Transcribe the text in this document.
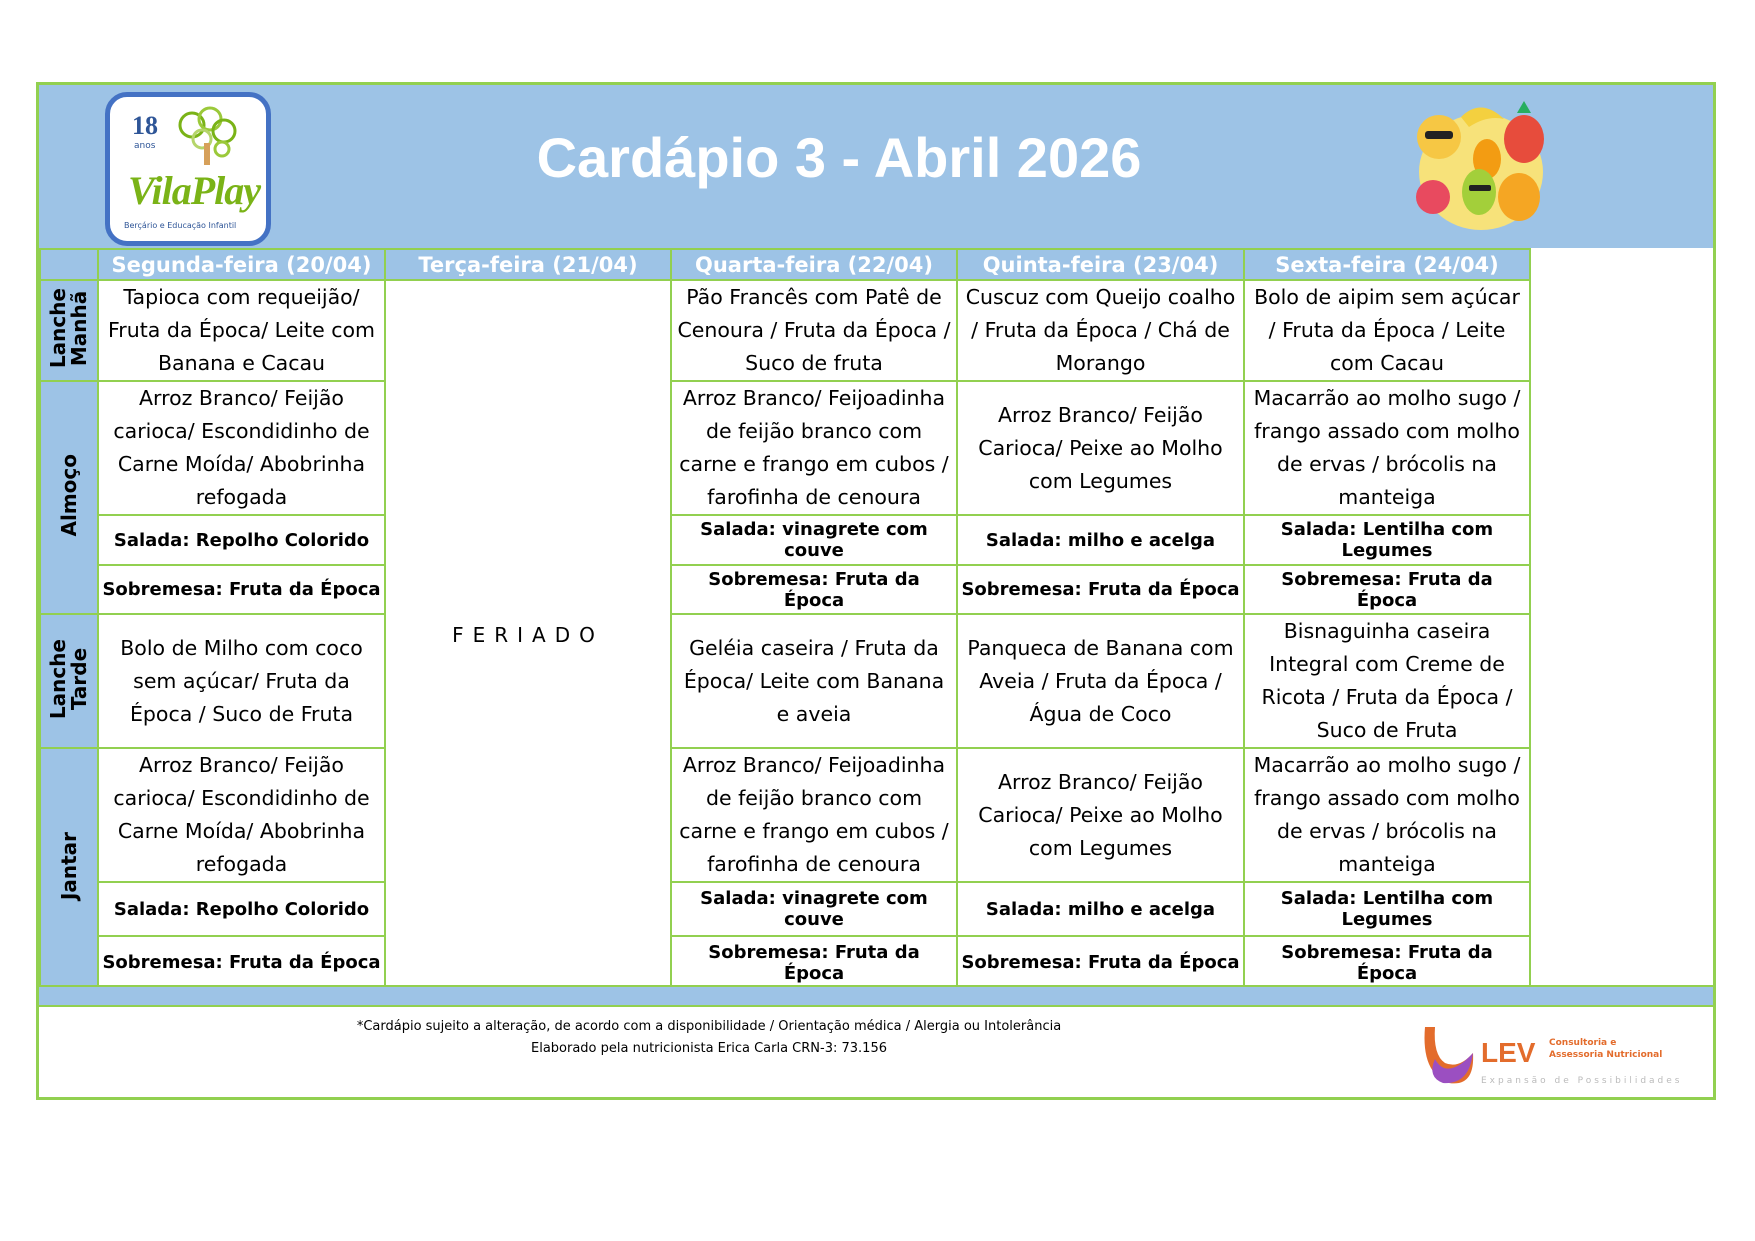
18
anos
VilaPlay
Berçário e Educação Infantil
Cardápio 3 - Abril 2026
	Segunda-feira (20/04)	Terça-feira (21/04)	Quarta-feira (22/04)	Quinta-feira (23/04)	Sexta-feira (24/04)
Lanche
Manhã	Tapioca com requeijão/ Fruta da Época/ Leite com Banana e Cacau	FERIADO	Pão Francês com Patê de Cenoura / Fruta da Época / Suco de fruta	Cuscuz com Queijo coalho / Fruta da Época / Chá de Morango	Bolo de aipim sem açúcar / Fruta da Época / Leite com Cacau
Almoço	Arroz Branco/ Feijão carioca/ Escondidinho de Carne Moída/ Abobrinha refogada		Arroz Branco/ Feijoadinha de feijão branco com carne e frango em cubos / farofinha de cenoura	Arroz Branco/ Feijão Carioca/ Peixe ao Molho com Legumes	Macarrão ao molho sugo / frango assado com molho de ervas / brócolis na manteiga
	Salada: Repolho Colorido		Salada: vinagrete com couve	Salada: milho e acelga	Salada: Lentilha com Legumes
	Sobremesa: Fruta da Época		Sobremesa: Fruta da Época	Sobremesa: Fruta da Época	Sobremesa: Fruta da Época
Lanche
Tarde	Bolo de Milho com coco sem açúcar/ Fruta da Época / Suco de Fruta		Geléia caseira / Fruta da Época/ Leite com Banana e aveia	Panqueca de Banana com Aveia / Fruta da Época / Água de Coco	Bisnaguinha caseira Integral com Creme de Ricota / Fruta da Época / Suco de Fruta
Jantar	Arroz Branco/ Feijão carioca/ Escondidinho de Carne Moída/ Abobrinha refogada		Arroz Branco/ Feijoadinha de feijão branco com carne e frango em cubos / farofinha de cenoura	Arroz Branco/ Feijão Carioca/ Peixe ao Molho com Legumes	Macarrão ao molho sugo / frango assado com molho de ervas / brócolis na manteiga
	Salada: Repolho Colorido		Salada: vinagrete com couve	Salada: milho e acelga	Salada: Lentilha com Legumes
	Sobremesa: Fruta da Época		Sobremesa: Fruta da Época	Sobremesa: Fruta da Época	Sobremesa: Fruta da Época
*Cardápio sujeito a alteração, de acordo com a disponibilidade / Orientação médica / Alergia ou Intolerância
Elaborado pela nutricionista Erica Carla CRN-3: 73.156	LEV Consultoria e
Assessoria Nutricional
Expansão de Possibilidades
